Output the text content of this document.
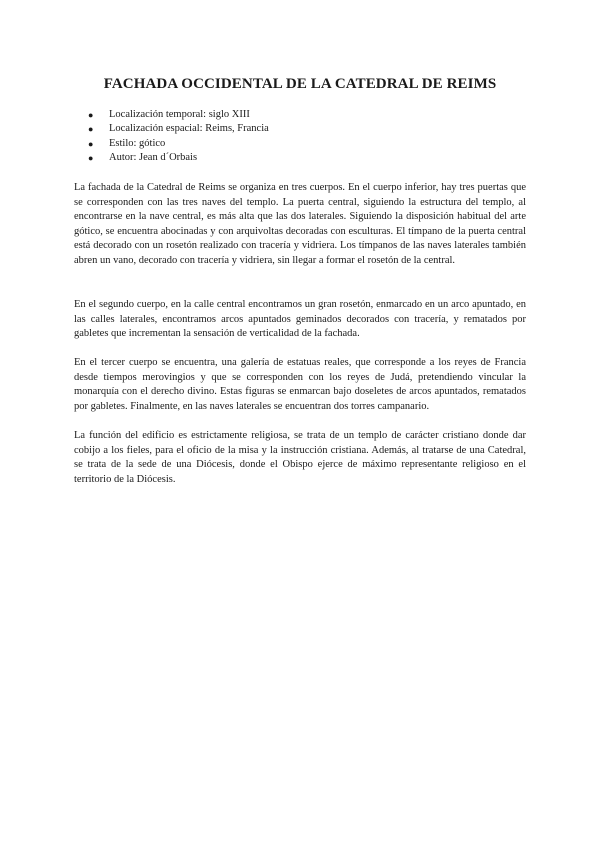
FACHADA OCCIDENTAL DE LA CATEDRAL DE REIMS
● Localización temporal: siglo XIII
● Localización espacial: Reims, Francia
● Estilo: gótico
● Autor: Jean d´Orbais

La fachada de la Catedral de Reims se organiza en tres cuerpos. En el cuerpo inferior, hay tres puertas que se corresponden con las tres naves del templo. La puerta central, siguiendo la estructura del templo, al encontrarse en la nave central, es más alta que las dos laterales. Siguiendo la disposición habitual del arte gótico, se encuentra abocinadas y con arquivoltas decoradas con esculturas. El tímpano de la puerta central está decorado con un rosetón realizado con tracería y vidriera. Los tímpanos de las naves laterales también abren un vano, decorado con tracería y vidriera, sin llegar a formar el rosetón de la central.

En el segundo cuerpo, en la calle central encontramos un gran rosetón, enmarcado en un arco apuntado, en las calles laterales, encontramos arcos apuntados geminados decorados con tracería, y rematados por gabletes que incrementan la sensación de verticalidad de la fachada.

En el tercer cuerpo se encuentra, una galería de estatuas reales, que corresponde a los reyes de Francia desde tiempos merovingios y que se corresponden con los reyes de Judá, pretendiendo vincular la monarquía con el derecho divino. Estas figuras se enmarcan bajo doseletes de arcos apuntados, rematados por gabletes. Finalmente, en las naves laterales se encuentran dos torres campanario.

La función del edificio es estrictamente religiosa, se trata de un templo de carácter cristiano donde dar cobijo a los fieles, para el oficio de la misa y la instrucción cristiana. Además, al tratarse de una Catedral, se trata de la sede de una Diócesis, donde el Obispo ejerce de máximo representante religioso en el territorio de la Diócesis.
